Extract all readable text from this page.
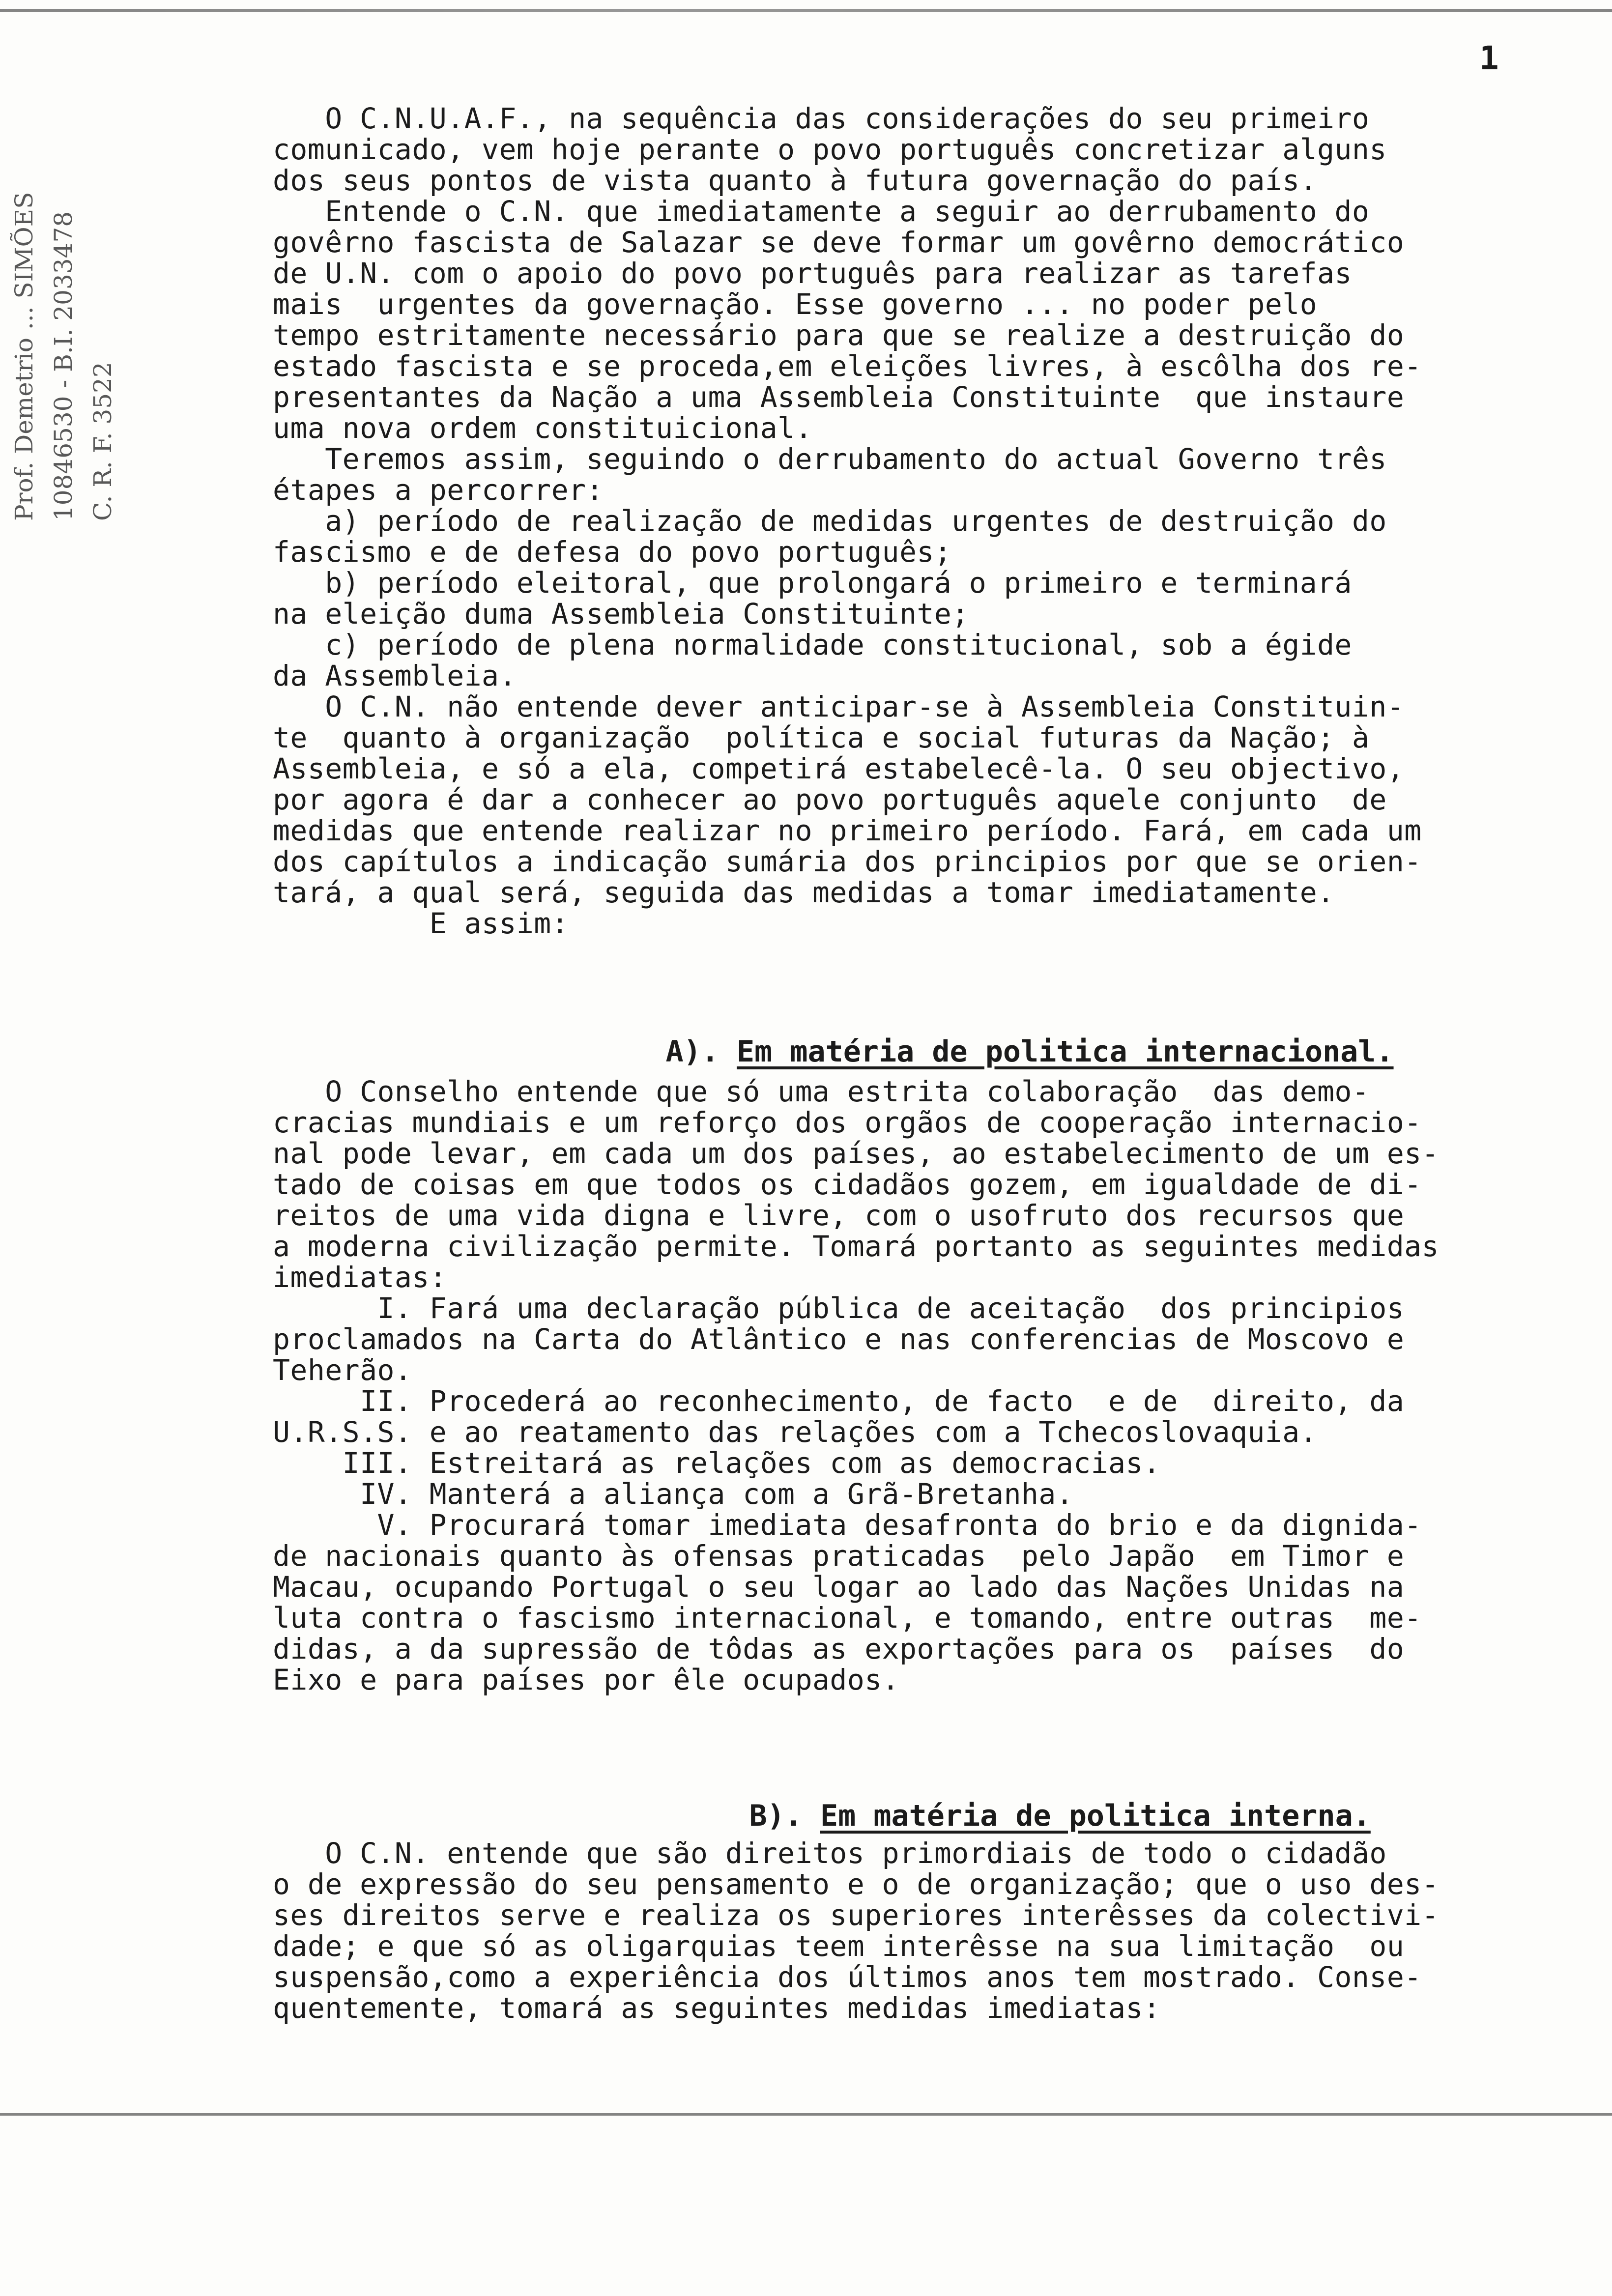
1
Prof. Demetrio ... SIMÕES 10846530 - B.I. 2033478 C. R. F. 3522
O C.N.U.A.F., na sequência das considerações do seu primeiro
comunicado, vem hoje perante o povo português concretizar alguns
dos seus pontos de vista quanto à futura governação do país.
Entende o C.N. que imediatamente a seguir ao derrubamento do
govêrno fascista de Salazar se deve formar um govêrno democrático
de U.N. com o apoio do povo português para realizar as tarefas
mais  urgentes da governação. Esse governo ... no poder pelo
tempo estritamente necessário para que se realize a destruição do
estado fascista e se proceda,em eleições livres, à escôlha dos re-
presentantes da Nação a uma Assembleia Constituinte  que instaure
uma nova ordem constituicional.
Teremos assim, seguindo o derrubamento do actual Governo três
étapes a percorrer:
a) período de realização de medidas urgentes de destruição do
fascismo e de defesa do povo português;
b) período eleitoral, que prolongará o primeiro e terminará
na eleição duma Assembleia Constituinte;
c) período de plena normalidade constitucional, sob a égide
da Assembleia.
O C.N. não entende dever anticipar-se à Assembleia Constituin-
te  quanto à organização  política e social futuras da Nação; à
Assembleia, e só a ela, competirá estabelecê-la. O seu objectivo,
por agora é dar a conhecer ao povo português aquele conjunto  de
medidas que entende realizar no primeiro período. Fará, em cada um
dos capítulos a indicação sumária dos principios por que se orien-
tará, a qual será, seguida das medidas a tomar imediatamente.
E assim:

A). Em matéria de politica internacional.

O Conselho entende que só uma estrita colaboração  das demo-
cracias mundiais e um reforço dos orgãos de cooperação internacio-
nal pode levar, em cada um dos países, ao estabelecimento de um es-
tado de coisas em que todos os cidadãos gozem, em igualdade de di-
reitos de uma vida digna e livre, com o usofruto dos recursos que
a moderna civilização permite. Tomará portanto as seguintes medidas
imediatas:
I. Fará uma declaração pública de aceitação  dos principios
proclamados na Carta do Atlântico e nas conferencias de Moscovo e
Teherão.
II. Procederá ao reconhecimento, de facto  e de  direito, da
U.R.S.S. e ao reatamento das relações com a Tchecoslovaquia.
III. Estreitará as relações com as democracias.
IV. Manterá a aliança com a Grã-Bretanha.
V. Procurará tomar imediata desafronta do brio e da dignida-
de nacionais quanto às ofensas praticadas  pelo Japão  em Timor e
Macau, ocupando Portugal o seu logar ao lado das Nações Unidas na
luta contra o fascismo internacional, e tomando, entre outras  me-
didas, a da supressão de tôdas as exportações para os  países  do
Eixo e para países por êle ocupados.

B). Em matéria de politica interna.

O C.N. entende que são direitos primordiais de todo o cidadão
o de expressão do seu pensamento e o de organização; que o uso des-
ses direitos serve e realiza os superiores interêsses da colectivi-
dade; e que só as oligarquias teem interêsse na sua limitação  ou
suspensão,como a experiência dos últimos anos tem mostrado. Conse-
quentemente, tomará as seguintes medidas imediatas:
